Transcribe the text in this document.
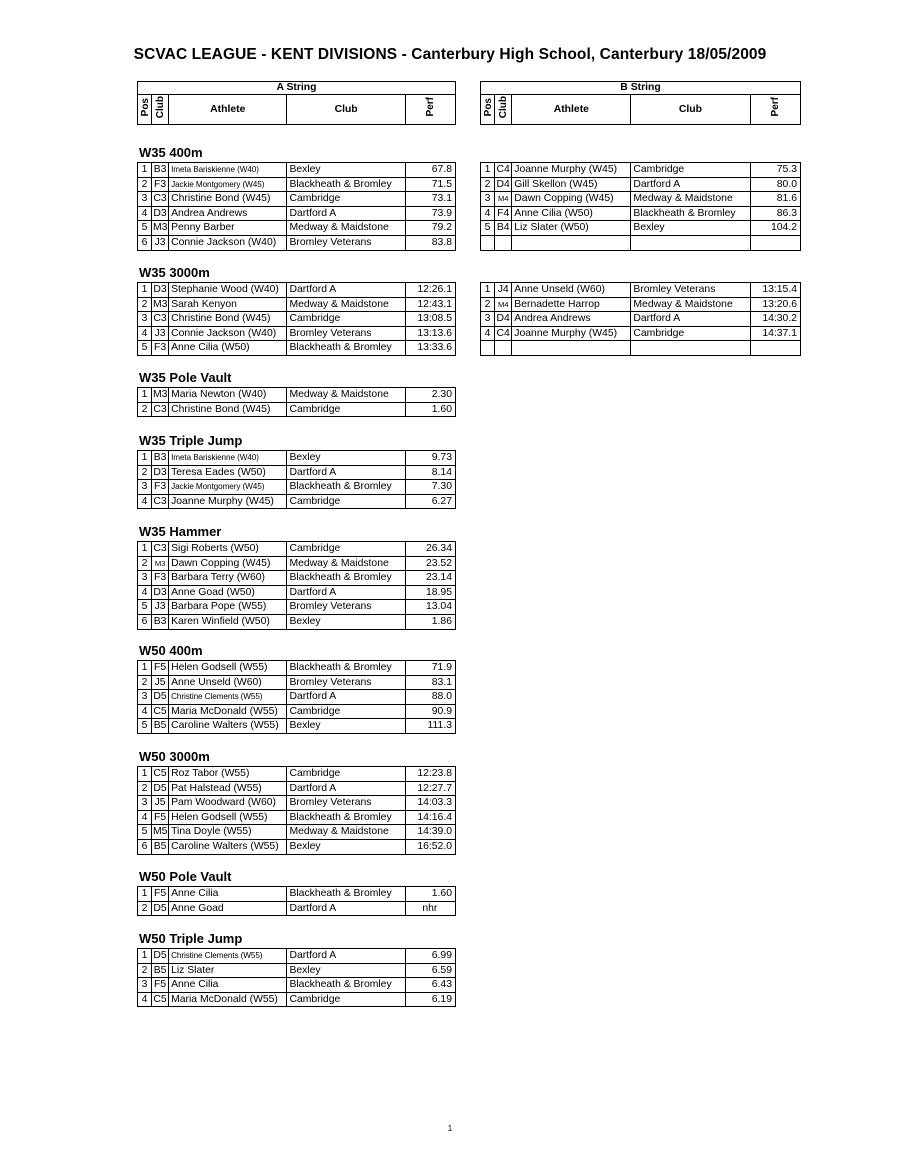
SCVAC LEAGUE - KENT DIVISIONS - Canterbury High School, Canterbury 18/05/2009
A String
Pos	Club	Athlete	Club	Perf
B String
Pos	Club	Athlete	Club	Perf
W35 400m
1	B3	Imeta Bariskienne (W40)	Bexley	67.8
2	F3	Jackie Montgomery (W45)	Blackheath & Bromley	71.5
3	C3	Christine Bond (W45)	Cambridge	73.1
4	D3	Andrea Andrews	Dartford A	73.9
5	M3	Penny Barber	Medway & Maidstone	79.2
6	J3	Connie Jackson (W40)	Bromley Veterans	83.8
1	C4	Joanne Murphy (W45)	Cambridge	75.3
2	D4	Gill Skellon (W45)	Dartford A	80.0
3	M4	Dawn Copping (W45)	Medway & Maidstone	81.6
4	F4	Anne Cilia (W50)	Blackheath & Bromley	86.3
5	B4	Liz Slater (W50)	Bexley	104.2

W35 3000m
1	D3	Stephanie Wood (W40)	Dartford A	12:26.1
2	M3	Sarah Kenyon	Medway & Maidstone	12:43.1
3	C3	Christine Bond (W45)	Cambridge	13:08.5
4	J3	Connie Jackson (W40)	Bromley Veterans	13:13.6
5	F3	Anne Cilia (W50)	Blackheath & Bromley	13:33.6
1	J4	Anne Unseld (W60)	Bromley Veterans	13:15.4
2	M4	Bernadette Harrop	Medway & Maidstone	13:20.6
3	D4	Andrea Andrews	Dartford A	14:30.2
4	C4	Joanne Murphy (W45)	Cambridge	14:37.1

W35 Pole Vault
1	M3	Maria Newton (W40)	Medway & Maidstone	2.30
2	C3	Christine Bond (W45)	Cambridge	1.60
W35 Triple Jump
1	B3	Imeta Bariskienne (W40)	Bexley	9.73
2	D3	Teresa Eades (W50)	Dartford A	8.14
3	F3	Jackie Montgomery (W45)	Blackheath & Bromley	7.30
4	C3	Joanne Murphy (W45)	Cambridge	6.27
W35 Hammer
1	C3	Sigi Roberts (W50)	Cambridge	26.34
2	M3	Dawn Copping (W45)	Medway & Maidstone	23.52
3	F3	Barbara Terry (W60)	Blackheath & Bromley	23.14
4	D3	Anne Goad (W50)	Dartford A	18.95
5	J3	Barbara Pope (W55)	Bromley Veterans	13.04
6	B3	Karen Winfield (W50)	Bexley	1.86
W50 400m
1	F5	Helen Godsell (W55)	Blackheath & Bromley	71.9
2	J5	Anne Unseld (W60)	Bromley Veterans	83.1
3	D5	Christine Clements (W55)	Dartford A	88.0
4	C5	Maria McDonald (W55)	Cambridge	90.9
5	B5	Caroline Walters (W55)	Bexley	111.3
W50 3000m
1	C5	Roz Tabor (W55)	Cambridge	12:23.8
2	D5	Pat Halstead (W55)	Dartford A	12:27.7
3	J5	Pam Woodward (W60)	Bromley Veterans	14:03.3
4	F5	Helen Godsell (W55)	Blackheath & Bromley	14:16.4
5	M5	Tina Doyle (W55)	Medway & Maidstone	14:39.0
6	B5	Caroline Walters (W55)	Bexley	16:52.0
W50 Pole Vault
1	F5	Anne Cilia	Blackheath & Bromley	1.60
2	D5	Anne Goad	Dartford A	nhr
W50 Triple Jump
1	D5	Christine Clements (W55)	Dartford A	6.99
2	B5	Liz Slater	Bexley	6.59
3	F5	Anne Cilia	Blackheath & Bromley	6.43
4	C5	Maria McDonald (W55)	Cambridge	6.19
1
